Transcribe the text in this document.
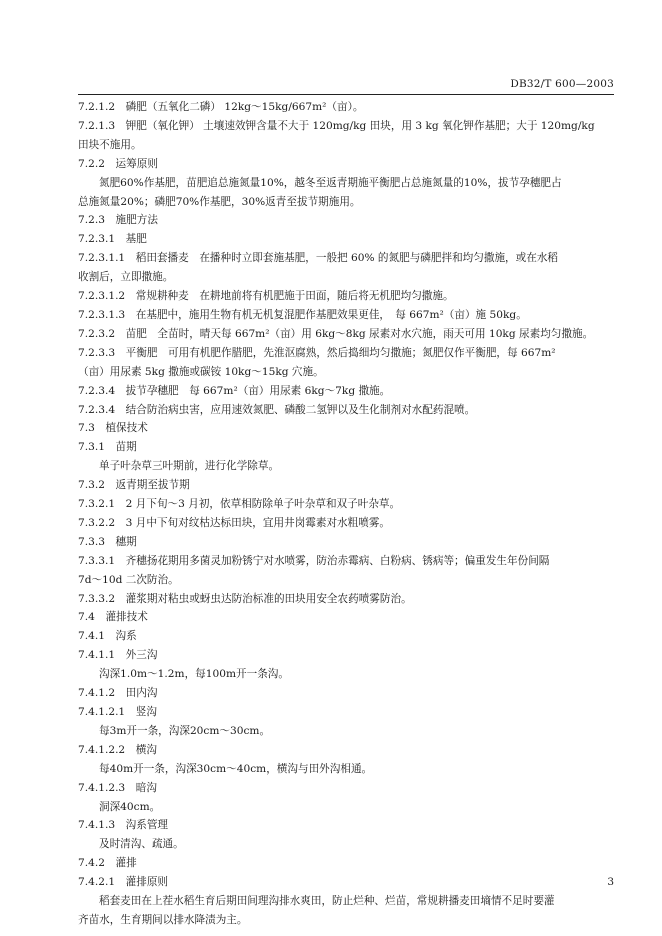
DB32/T 600—2003
7.2.1.2　磷肥（五氧化二磷） 12kg～15kg/667m²（亩）。
7.2.1.3　钾肥（氧化钾） 土壤速效钾含量不大于 120mg/kg 田块，用 3 kg 氧化钾作基肥；大于 120mg/kg
田块不施用。
7.2.2　运筹原则
氮肥60%作基肥，苗肥追总施氮量10%，越冬至返青期施平衡肥占总施氮量的10%，拔节孕穗肥占
总施氮量20%；磷肥70%作基肥，30%返青至拔节期施用。
7.2.3　施肥方法
7.2.3.1　基肥
7.2.3.1.1　稻田套播麦　在播种时立即套施基肥，一般把 60% 的氮肥与磷肥拌和均匀撒施，或在水稻
收割后，立即撒施。
7.2.3.1.2　常规耕种麦　在耕地前将有机肥施于田面，随后将无机肥均匀撒施。
7.2.3.1.3　在基肥中，施用生物有机无机复混肥作基肥效果更佳，　每 667m²（亩）施 50kg。
7.2.3.2　苗肥　全苗时，晴天每 667m²（亩）用 6kg～8kg 尿素对水穴施，雨天可用 10kg 尿素均匀撒施。
7.2.3.3　平衡肥　可用有机肥作腊肥，先淮沤腐熟，然后捣细均匀撒施；氮肥仅作平衡肥，每 667m²
（亩）用尿素 5kg 撒施或碳铵 10kg～15kg 穴施。
7.2.3.4　拔节孕穗肥　每 667m²（亩）用尿素 6kg～7kg 撒施。
7.2.3.4　结合防治病虫害，应用速效氮肥、磷酸二氢钾以及生化制剂对水配药混喷。
7.3　植保技术
7.3.1　苗期
单子叶杂草三叶期前，进行化学除草。
7.3.2　返青期至拔节期
7.3.2.1　2 月下旬～3 月初，依草相防除单子叶杂草和双子叶杂草。
7.3.2.2　3 月中下旬对纹枯达标田块，宜用井岗霉素对水粗喷雾。
7.3.3　穗期
7.3.3.1　齐穗扬花期用多菌灵加粉锈宁对水喷雾，防治赤霉病、白粉病、锈病等；偏重发生年份间隔
7d～10d 二次防治。
7.3.3.2　灌浆期对粘虫或蚜虫达防治标准的田块用安全农药喷雾防治。
7.4　灌排技术
7.4.1　沟系
7.4.1.1　外三沟
沟深1.0m～1.2m，每100m开一条沟。
7.4.1.2　田内沟
7.4.1.2.1　竖沟
每3m开一条，沟深20cm～30cm。
7.4.1.2.2　横沟
每40m开一条，沟深30cm～40cm，横沟与田外沟相通。
7.4.1.2.3　暗沟
洞深40cm。
7.4.1.3　沟系管理
及时清沟、疏通。
7.4.2　灌排
7.4.2.1　灌排原则
稻套麦田在上茬水稻生育后期田间理沟排水爽田，防止烂种、烂苗，常规耕播麦田墒情不足时要灌
齐苗水，生育期间以排水降渍为主。
3
